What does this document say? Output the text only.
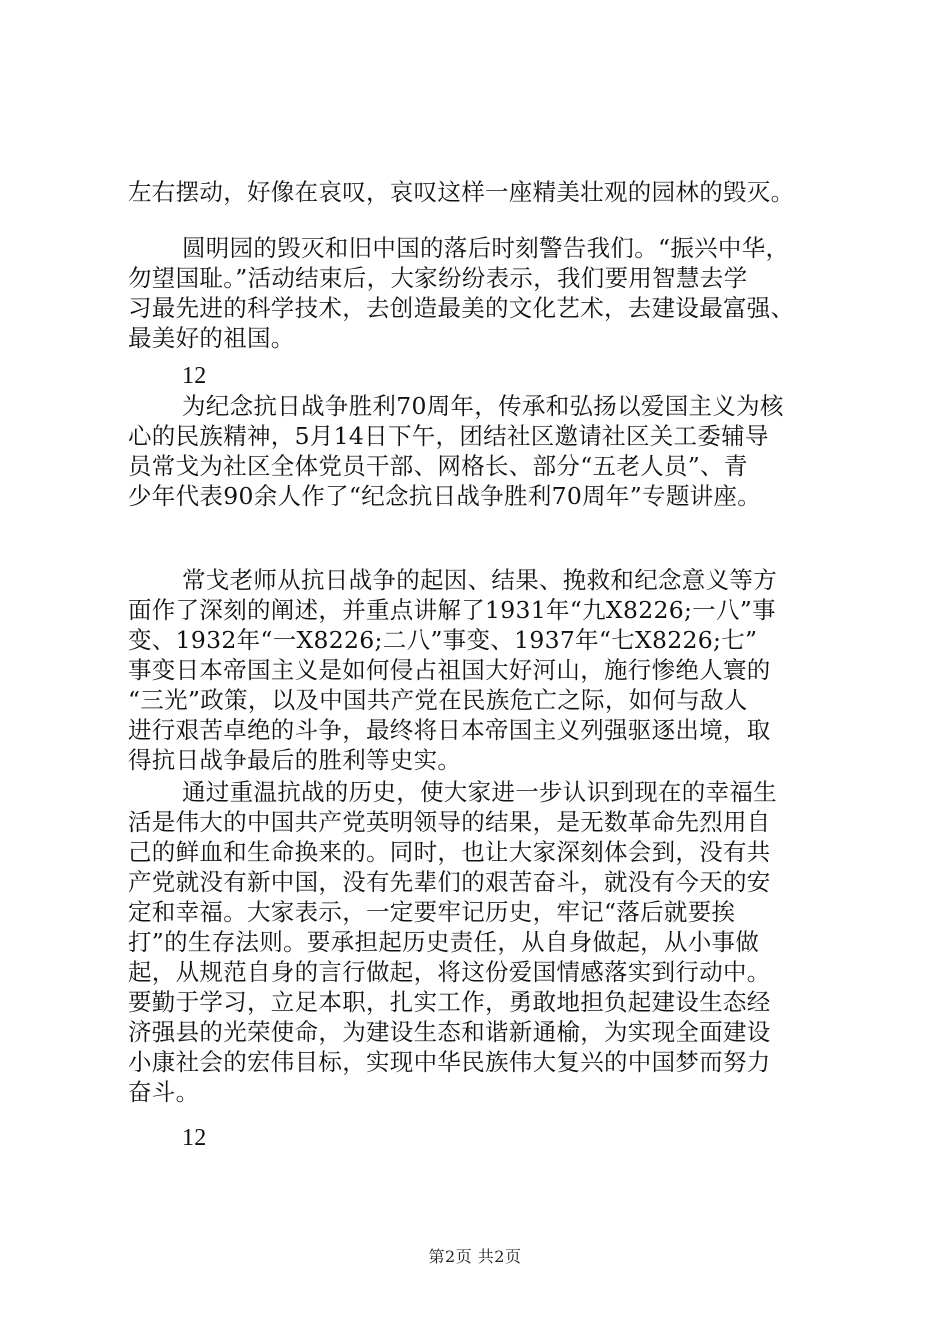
左右摆动，好像在哀叹，哀叹这样一座精美壮观的园林的毁灭。
圆明园的毁灭和旧中国的落后时刻警告我们。“振兴中华，
勿望国耻。”活动结束后，大家纷纷表示，我们要用智慧去学
习最先进的科学技术，去创造最美的文化艺术，去建设最富强、
最美好的祖国。
12
为纪念抗日战争胜利70周年，传承和弘扬以爱国主义为核
心的民族精神，5月14日下午，团结社区邀请社区关工委辅导
员常戈为社区全体党员干部、网格长、部分“五老人员”、青
少年代表90余人作了“纪念抗日战争胜利70周年”专题讲座。
常戈老师从抗日战争的起因、结果、挽救和纪念意义等方
面作了深刻的阐述，并重点讲解了1931年“九X8226;一八”事
变、1932年“一X8226;二八”事变、1937年“七X8226;七”
事变日本帝国主义是如何侵占祖国大好河山，施行惨绝人寰的
“三光”政策，以及中国共产党在民族危亡之际，如何与敌人
进行艰苦卓绝的斗争，最终将日本帝国主义列强驱逐出境，取
得抗日战争最后的胜利等史实。
通过重温抗战的历史，使大家进一步认识到现在的幸福生
活是伟大的中国共产党英明领导的结果，是无数革命先烈用自
己的鲜血和生命换来的。同时，也让大家深刻体会到，没有共
产党就没有新中国，没有先辈们的艰苦奋斗，就没有今天的安
定和幸福。大家表示，一定要牢记历史，牢记“落后就要挨
打”的生存法则。要承担起历史责任，从自身做起，从小事做
起，从规范自身的言行做起，将这份爱国情感落实到行动中。
要勤于学习，立足本职，扎实工作，勇敢地担负起建设生态经
济强县的光荣使命，为建设生态和谐新通榆，为实现全面建设
小康社会的宏伟目标，实现中华民族伟大复兴的中国梦而努力
奋斗。
12
第2页 共2页
